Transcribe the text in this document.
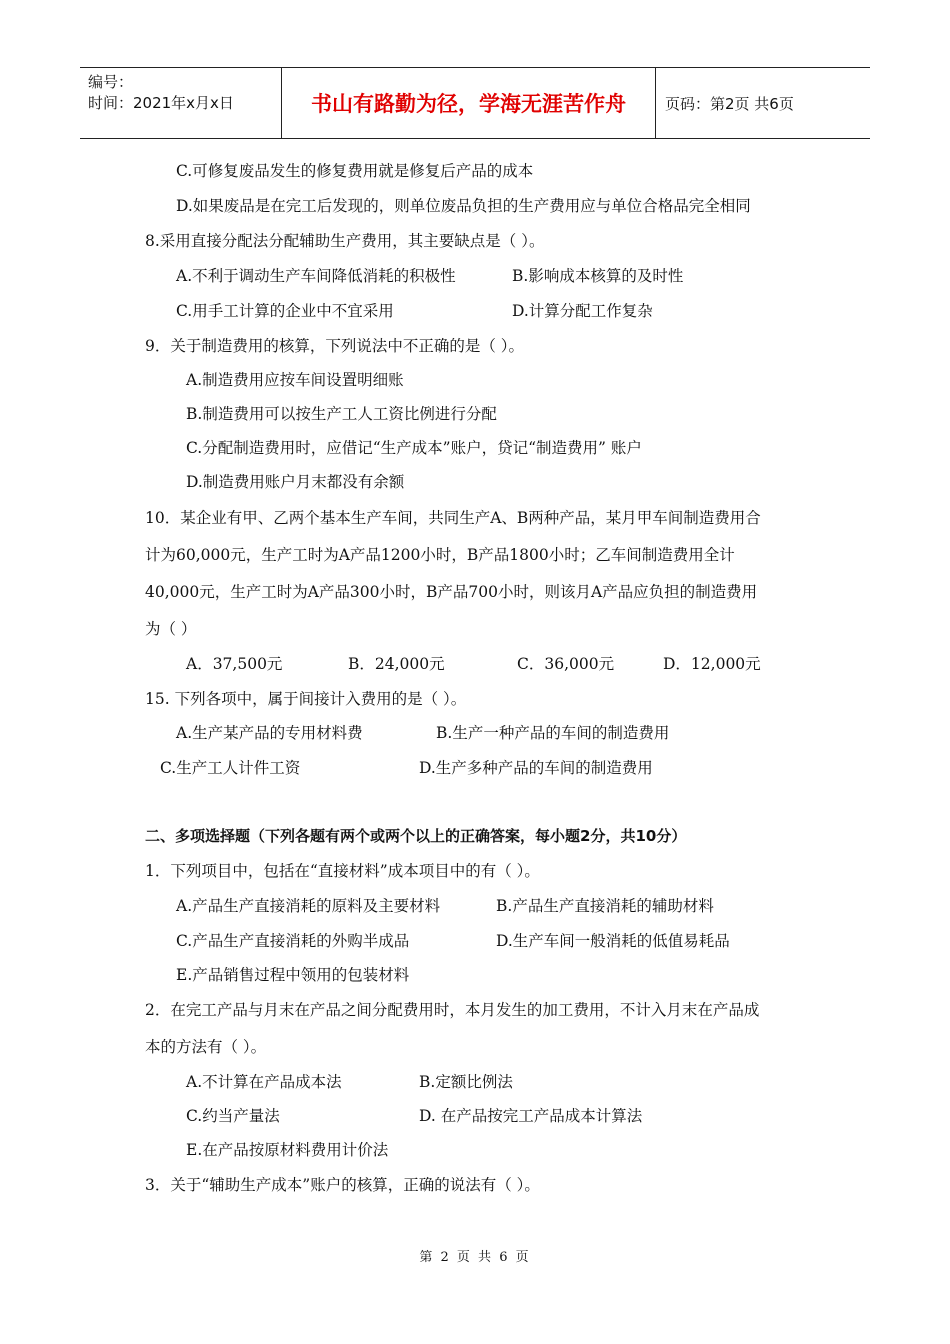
编号：
时间：2021年x月x日	书山有路勤为径，学海无涯苦作舟	页码：第2页 共6页
C.可修复废品发生的修复费用就是修复后产品的成本
D.如果废品是在完工后发现的，则单位废品负担的生产费用应与单位合格品完全相同
8.采用直接分配法分配辅助生产费用，其主要缺点是（ ）。
A.不利于调动生产车间降低消耗的积极性	B.影响成本核算的及时性
C.用手工计算的企业中不宜采用	D.计算分配工作复杂
9．关于制造费用的核算，下列说法中不正确的是（ ）。
A.制造费用应按车间设置明细账
B.制造费用可以按生产工人工资比例进行分配
C.分配制造费用时，应借记“生产成本”账户，贷记“制造费用” 账户
D.制造费用账户月末都没有余额
10．某企业有甲、乙两个基本生产车间，共同生产A、B两种产品，某月甲车间制造费用合
计为60,000元，生产工时为A产品1200小时，B产品1800小时；乙车间制造费用全计
40,000元，生产工时为A产品300小时，B产品700小时，则该月A产品应负担的制造费用
为（ ）
A．37,500元	B．24,000元	C．36,000元	D．12,000元
15. 下列各项中，属于间接计入费用的是（ ）。
A.生产某产品的专用材料费	B.生产一种产品的车间的制造费用
C.生产工人计件工资	D.生产多种产品的车间的制造费用
二、多项选择题（下列各题有两个或两个以上的正确答案，每小题2分，共10分）
1．下列项目中，包括在“直接材料”成本项目中的有（ ）。
A.产品生产直接消耗的原料及主要材料	B.产品生产直接消耗的辅助材料
C.产品生产直接消耗的外购半成品	D.生产车间一般消耗的低值易耗品
E.产品销售过程中领用的包装材料
2．在完工产品与月末在产品之间分配费用时，本月发生的加工费用，不计入月末在产品成
本的方法有（ ）。
A.不计算在产品成本法	B.定额比例法
C.约当产量法	D. 在产品按完工产品成本计算法
E.在产品按原材料费用计价法
3．关于“辅助生产成本”账户的核算，正确的说法有（ ）。
第 2 页 共 6 页
